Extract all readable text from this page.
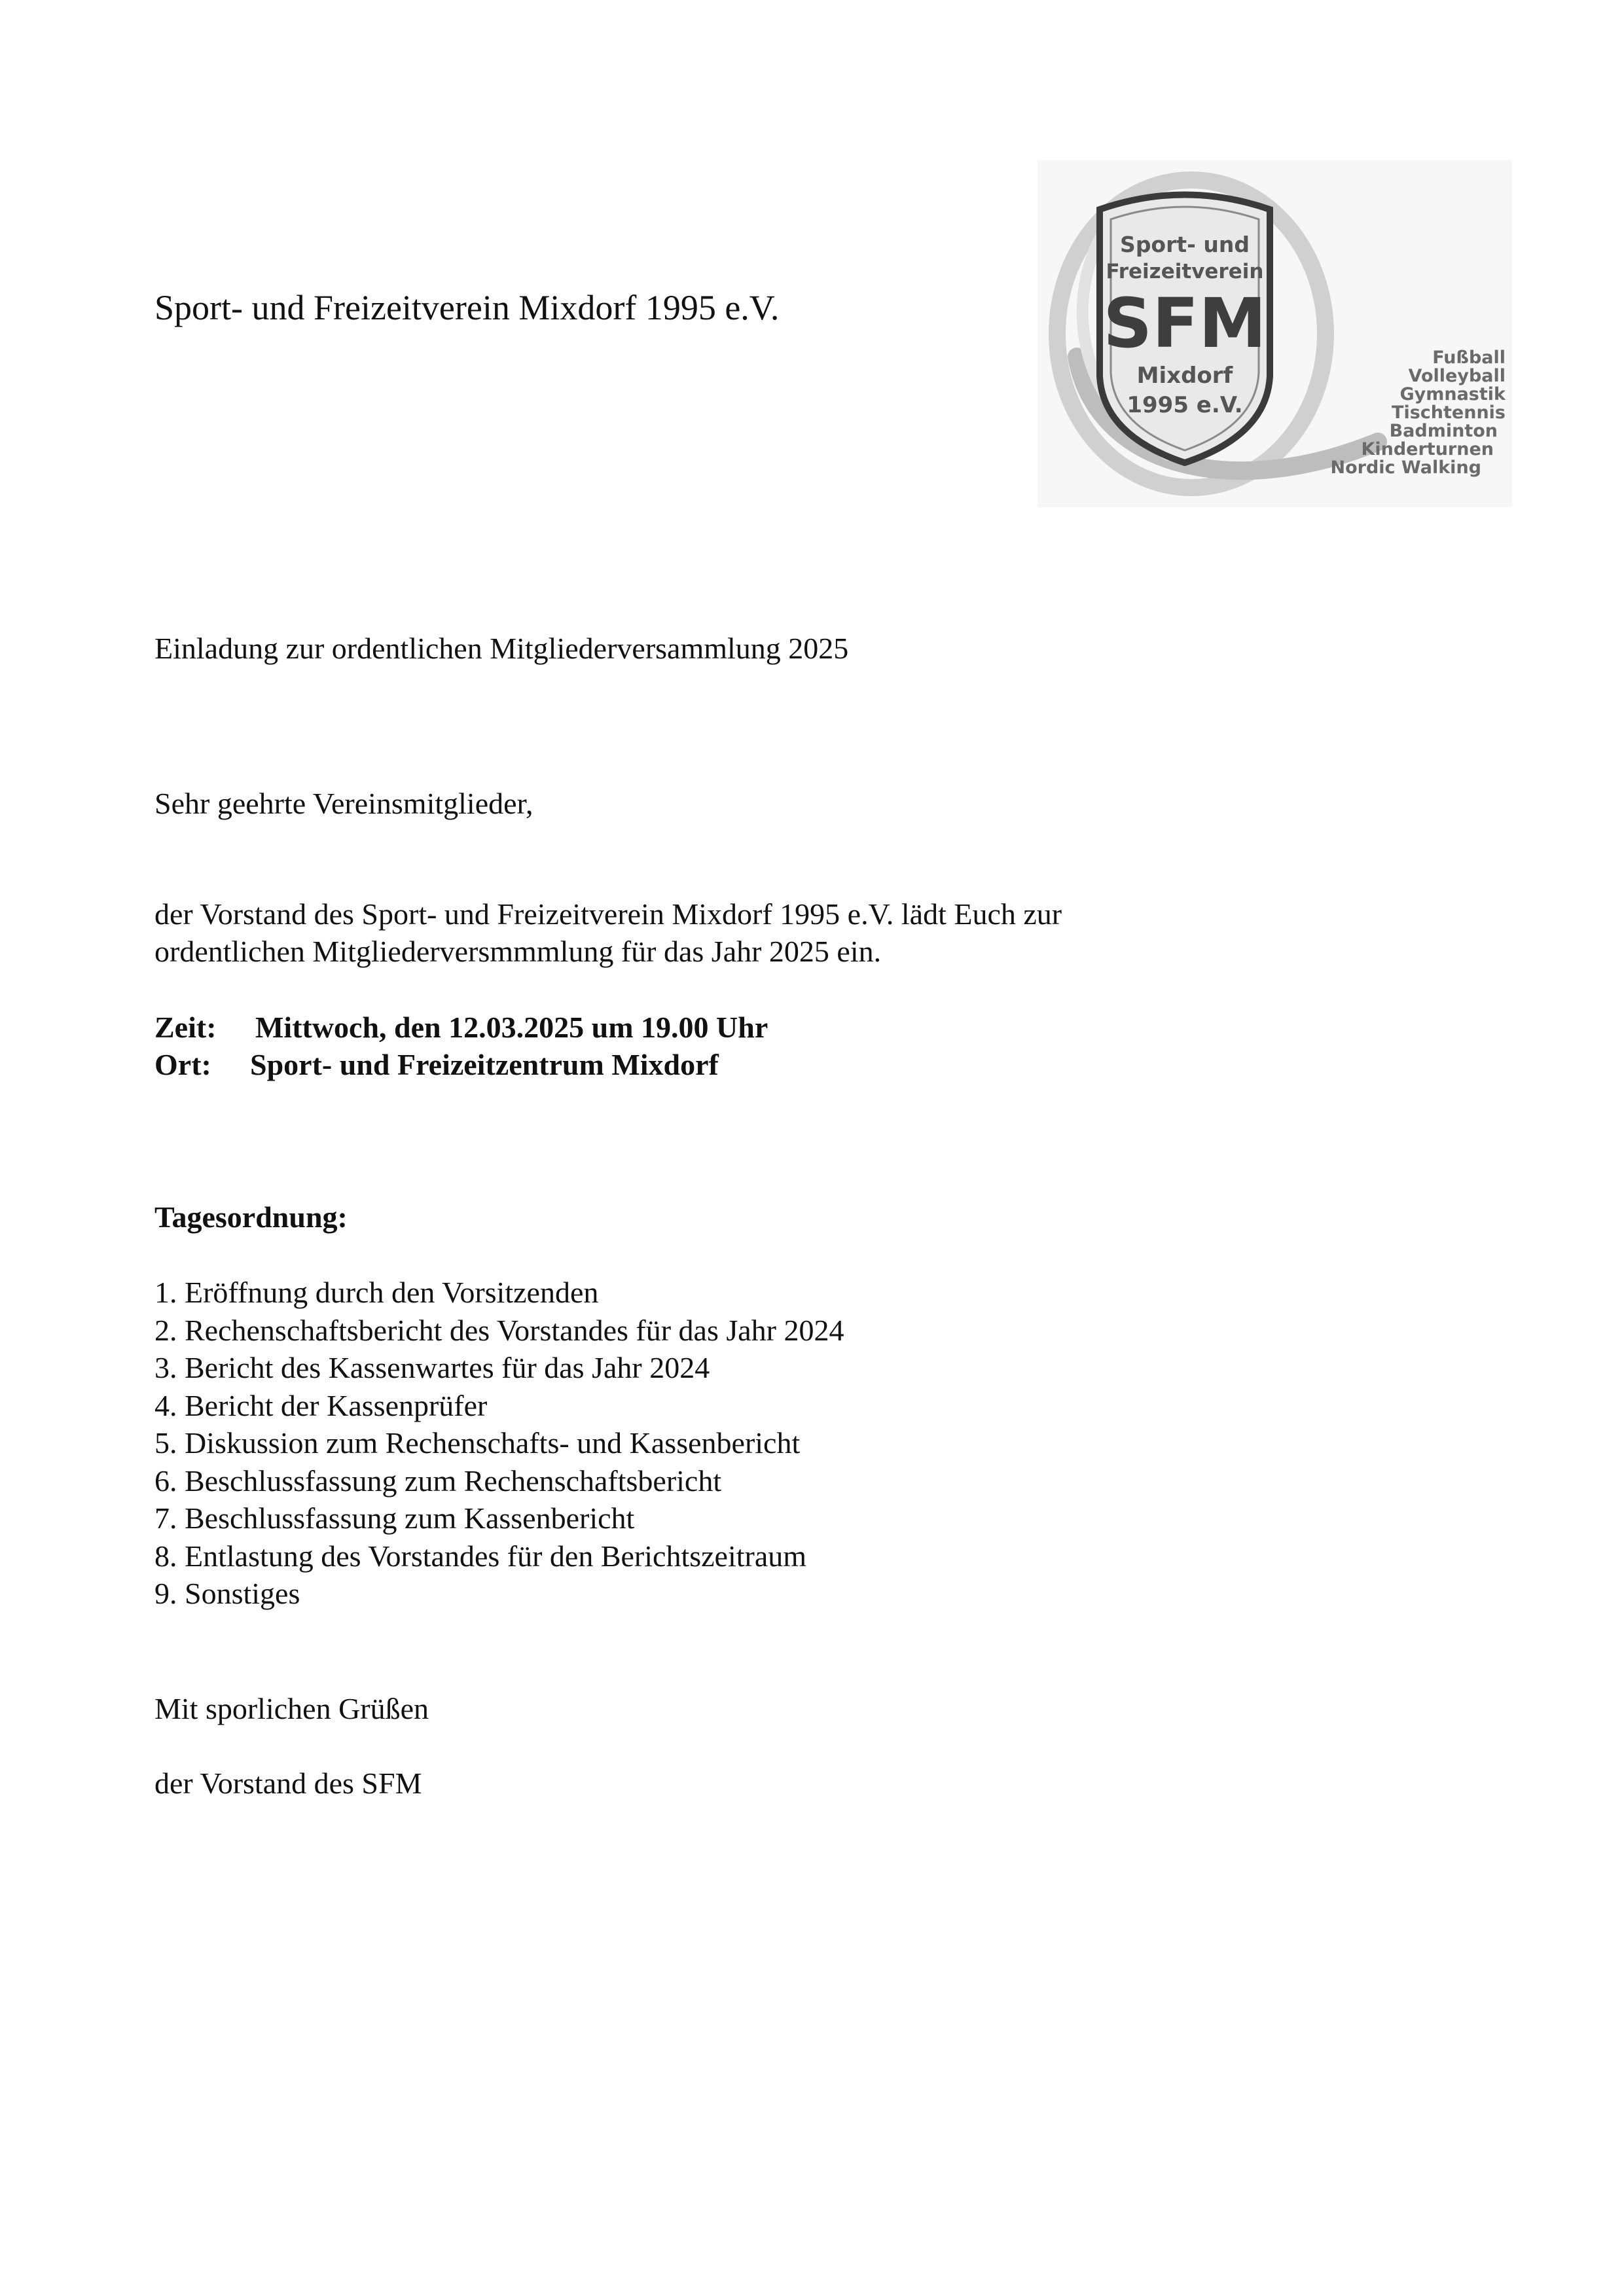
Sport- und Freizeitverein Mixdorf 1995 e.V.

Sport- und
Freizeitverein
SFM
Mixdorf
1995 e.V.
Fußball
Volleyball
Gymnastik
Tischtennis
Badminton
Kinderturnen
Nordic Walking

Einladung zur ordentlichen Mitgliederversammlung 2025

Sehr geehrte Vereinsmitglieder,

der Vorstand des Sport- und Freizeitverein Mixdorf 1995 e.V. lädt Euch zur

ordentlichen Mitgliederversmmmlung für das Jahr 2025 ein.

Zeit: Mittwoch, den 12.03.2025 um 19.00 Uhr

Ort: Sport- und Freizeitzentrum Mixdorf

Tagesordnung:

1. Eröffnung durch den Vorsitzenden
2. Rechenschaftsbericht des Vorstandes für das Jahr 2024
3. Bericht des Kassenwartes für das Jahr 2024
4. Bericht der Kassenprüfer
5. Diskussion zum Rechenschafts- und Kassenbericht
6. Beschlussfassung zum Rechenschaftsbericht
7. Beschlussfassung zum Kassenbericht
8. Entlastung des Vorstandes für den Berichtszeitraum
9. Sonstiges

Mit sporlichen Grüßen

der Vorstand des SFM
